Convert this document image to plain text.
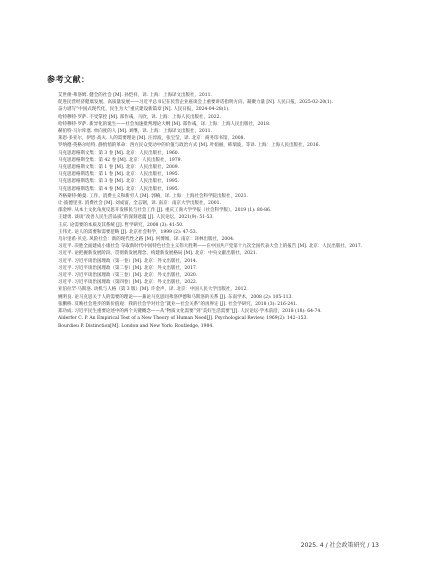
参考文献：
艾世俊·弗洛姆. 健全的社会 [M]. 孙恺祥，译. 上海：上海译文出版社，2011.
促进民营经济健康发展、高质量发展——习近平总书记在民营企业座谈会上重要讲话指明方向、凝聚力量 [N]. 人民日报，2025-02-20(1).
奋力谱写“中国式现代化，民生为大”重庆建设新篇章 [N]. 人民日报，2024-04-28(1).
哈特穆特·罗萨. 不受掌控 [M]. 郑作彧，马欣，译. 上海：上海人民出版社，2022.
哈特穆特·罗萨. 新异化的诞生——社会加速批判理论大纲 [M]. 郑作彧，译. 上海：上海人民出版社，2018.
赫伯特·马尔库塞. 单向度的人 [M]. 刘继，译. 上海：上海译文出版社，2011.
莱恩·多亚尔，伊恩·高夫. 人的需要理论 [M]. 汪淳波，张宝莹，译. 北京：商务印书馆，2008.
罗纳德·英格尔哈特. 静悄悄的革命：西方民众变动中的价值与政治方式 [M]. 叶娟丽，韩瑞波，等译. 上海：上海人民出版社，2016.
马克思恩格斯文集：第 3 卷 [M]. 北京：人民出版社，1960.
马克思恩格斯全集：第 42 卷 [M]. 北京：人民出版社，1979.
马克思恩格斯文集：第 1 卷 [M]. 北京：人民出版社，2009.
马克思恩格斯选集：第 1 卷 [M]. 北京：人民出版社，1995.
马克思恩格斯选集：第 3 卷 [M]. 北京：人民出版社，1995.
马克思恩格斯选集：第 4 卷 [M]. 北京：人民出版社，1995.
齐格蒙特·鲍曼. 工作、消费主义和新穷人 [M]. 郭楠，译. 上海：上海社会科学院出版社，2021.
让·波德里亚. 消费社会 [M]. 刘成富，全志钢，译. 南京：南京大学出版社，2001.
邵金坤. 从本土文化角度反思开发移民与社会工作 [J]. 重庆工商大学学报（社会科学版），2019 (1): 80-86.
王建勇. 谈谈“改善人民生活品质”的深刻意蕴 [J]. 人民论坛，2021(9): 51-53.
王庆. 论需要的本质及其系统 [J]. 哲学研究，2008 (3): 41-50.
王伟光. 论人的需要和需要范畴 [J]. 北京社会科学，1999 (2): 47-53.
乌尔里希·贝克. 风险社会：新的现代性之路 [M]. 何博闻，译. 南京：译林出版社，2004.
习近平. 决胜全面建成小康社会 夺取新时代中国特色社会主义伟大胜利——在中国共产党第十九次全国代表大会上的报告 [M]. 北京：人民出版社，2017.
习近平. 论把握新发展阶段、贯彻新发展理念、构建新发展格局 [M]. 北京：中央文献出版社，2021.
习近平. 习近平谈治国理政（第一卷）[M]. 北京：外文出版社，2014.
习近平. 习近平谈治国理政（第二卷）[M]. 北京：外文出版社，2017.
习近平. 习近平谈治国理政（第三卷）[M]. 北京：外文出版社，2020.
习近平. 习近平谈治国理政（第四卷）[M]. 北京：外文出版社，2022.
亚伯拉罕·马斯洛. 动机与人格（第 3 版）[M]. 许金声，译. 北京：中国人民大学出版社，2012.
姚明良. 论马克思关于人的需要的理论——兼论马克思同弗洛伊德和马斯洛的关系 [J]. 东南学术，2008 (2): 105-113.
张鹏桥. 反映社会进步的新价值观：我的社会学对社会“就业—社会关系”的再界定 [J]. 社会学研究，2018 (3): 216-241.
郑功成. 习近平民生重要论述中的两个关键概念——从“物质文化需要”到“美好生活需要”[J]. 人民论坛·学术前沿，2018 (18): 64-74.
Alderfer C. P. An Empirical Test of a New Theory of Human Need[J]. Psychological Review, 1969(2): 142–153.
Bourdieu P. Distinction[M]. London and New York: Routledge, 1984.

2025. 4 / 社会政策研究 / 13
